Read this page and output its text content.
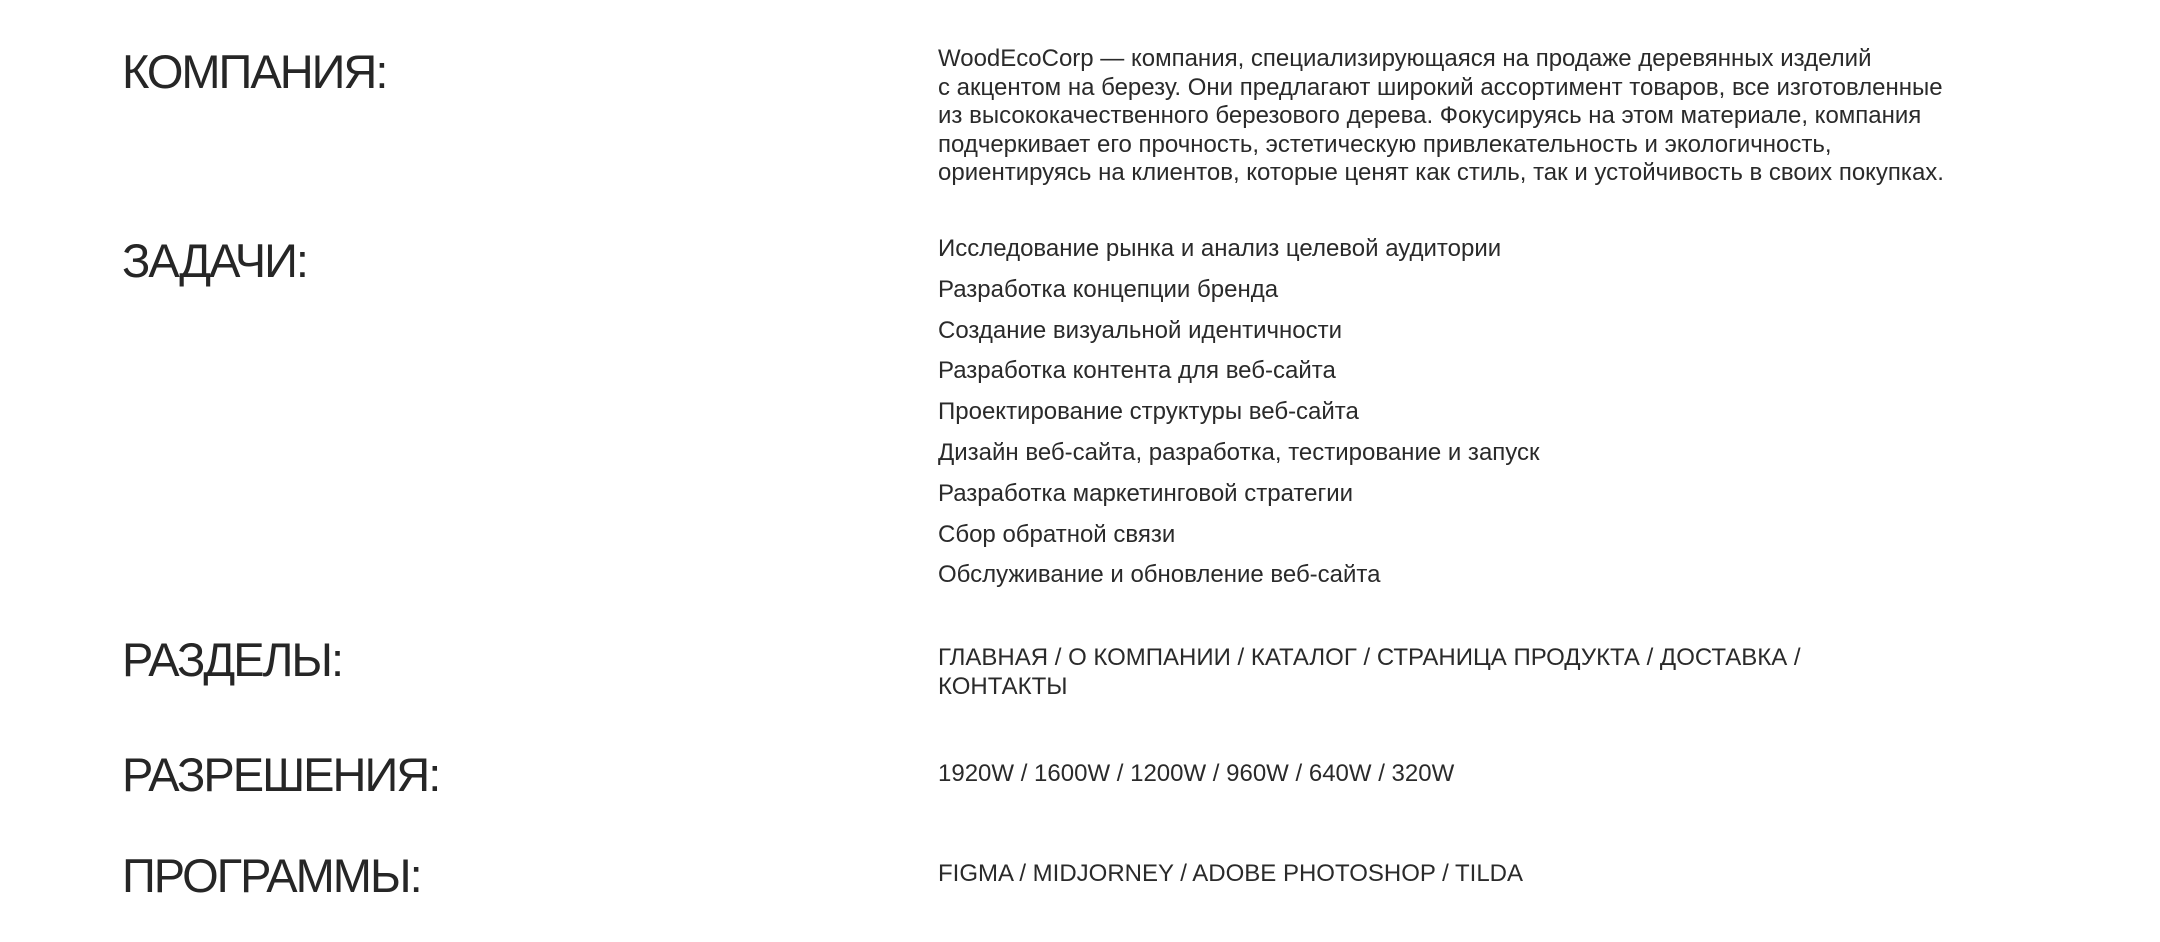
КОМПАНИЯ:	WoodEcoCorp — компания, специализирующаяся на продаже деревянных изделий
с акцентом на березу. Они предлагают широкий ассортимент товаров, все изготовленные
из высококачественного березового дерева. Фокусируясь на этом материале, компания
подчеркивает его прочность, эстетическую привлекательность и экологичность,
ориентируясь на клиентов, которые ценят как стиль, так и устойчивость в своих покупках.

ЗАДАЧИ:	Исследование рынка и анализ целевой аудитории
Разработка концепции бренда
Создание визуальной идентичности
Разработка контента для веб-сайта
Проектирование структуры веб-сайта
Дизайн веб-сайта, разработка, тестирование и запуск
Разработка маркетинговой стратегии
Сбор обратной связи
Обслуживание и обновление веб-сайта
РАЗДЕЛЫ:	ГЛАВНАЯ / О КОМПАНИИ / КАТАЛОГ / СТРАНИЦА ПРОДУКТА / ДОСТАВКА /

КОНТАКТЫ

РАЗРЕШЕНИЯ:	1920W / 1600W / 1200W / 960W / 640W / 320W

ПРОГРАММЫ:	FIGMA / MIDJORNEY / ADOBE PHOTOSHOP / TILDA
